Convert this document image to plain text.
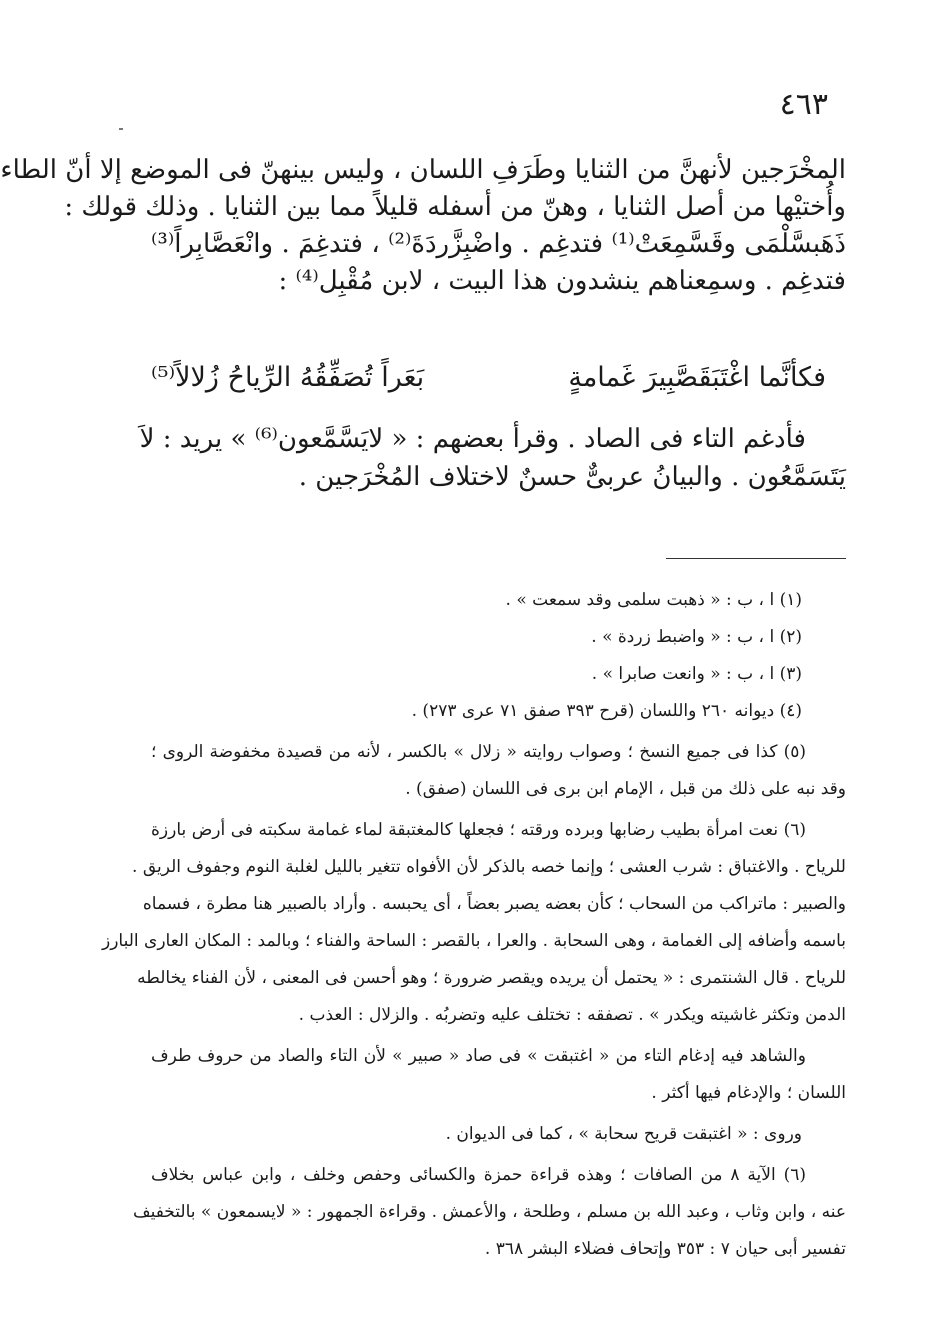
٤٦٣
المخْرَجين لأنهنَّ من الثنايا وطَرَفِ اللسان ، وليس بينهنّ فى الموضع إلا أنّ الطاء
وأُختيْها من أصل الثنايا ، وهنّ من أسفله قليلاً مما بين الثنايا . وذلك قولك :
ذَهَبسَّلْمَى وقَسَّمِعَتْ⁽¹⁾ فتدغِم . واضْبِزَّردَةَ⁽²⁾ ، فتدغِمَ . وانْعَصَّابِراً⁽³⁾
فتدغِم . وسمِعناهم ينشدون هذا البيت ، لابن مُقْبِل⁽⁴⁾ :
فكأنَّما اغْتَبَقَصَّبِيرَ غَمامةٍ
بَعَراً تُصَفِّقُهُ الرِّياحُ زُلالاً⁽⁵⁾
فأدغم التاء فى الصاد . وقرأ بعضهم : « لايَسَّمَّعون⁽⁶⁾ » يريد : لاَ
يَتَسَمَّعُون . والبيانُ عربىٌّ حسنٌ لاختلاف المُخْرَجين .
(١) ا ، ب : « ذهبت سلمى وقد سمعت » .
(٢) ا ، ب : « واضبط زردة » .
(٣) ا ، ب : « وانعت صابرا » .
(٤) ديوانه ٢٦٠ واللسان (قرح ٣٩٣ صفق ٧١ عرى ٢٧٣) .
(٥) كذا فى جميع النسخ ؛ وصواب روايته « زلال » بالكسر ، لأنه من قصيدة مخفوضة الروى ؛
وقد نبه على ذلك من قبل ، الإمام ابن برى فى اللسان (صفق) .
(٦) نعت امرأة بطيب رضابها وبرده ورقته ؛ فجعلها كالمغتبقة لماء غمامة سكبته فى أرض بارزة
للرياح . والاغتباق : شرب العشى ؛ وإنما خصه بالذكر لأن الأفواه تتغير بالليل لغلبة النوم وجفوف الريق .
والصبير : ماتراكب من السحاب ؛ كأن بعضه يصبر بعضاً ، أى يحبسه . وأراد بالصبير هنا مطرة ، فسماه
باسمه وأضافه إلى الغمامة ، وهى السحابة . والعرا ، بالقصر : الساحة والفناء ؛ وبالمد : المكان العارى البارز
للرياح . قال الشنتمرى : « يحتمل أن يريده ويقصر ضرورة ؛ وهو أحسن فى المعنى ، لأن الفناء يخالطه
الدمن وتكثر غاشيته ويكدر » . تصفقه : تختلف عليه وتضربُه . والزلال : العذب .
والشاهد فيه إدغام التاء من « اغتبقت » فى صاد « صبير » لأن التاء والصاد من حروف طرف
اللسان ؛ والإدغام فيها أكثر .
وروى : « اغتبقت قريح سحابة » ، كما فى الديوان .
(٦) الآية ٨ من الصافات ؛ وهذه قراءة حمزة والكسائى وحفص وخلف ، وابن عباس بخلاف
عنه ، وابن وثاب ، وعبد الله بن مسلم ، وطلحة ، والأعمش . وقراءة الجمهور : « لايسمعون » بالتخفيف
تفسير أبى حيان ٧ : ٣٥٣ وإتحاف فضلاء البشر ٣٦٨ .
